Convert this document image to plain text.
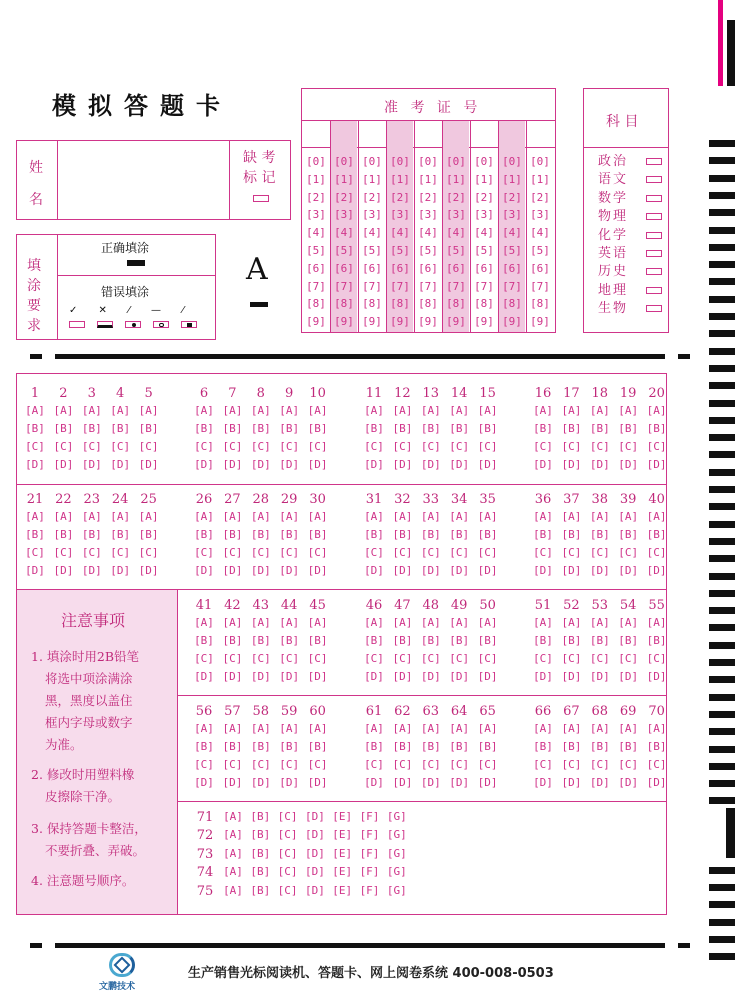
模拟答题卡
姓
名
缺 考
标 记
填
涂
要
求
正确填涂
错误填涂
✓ ✕ ⁄ — ⁄

A
准 考 证 号
[0]
[1]
[2]
[3]
[4]
[5]
[6]
[7]
[8]
[9]
[0]
[1]
[2]
[3]
[4]
[5]
[6]
[7]
[8]
[9]
[0]
[1]
[2]
[3]
[4]
[5]
[6]
[7]
[8]
[9]
[0]
[1]
[2]
[3]
[4]
[5]
[6]
[7]
[8]
[9]
[0]
[1]
[2]
[3]
[4]
[5]
[6]
[7]
[8]
[9]
[0]
[1]
[2]
[3]
[4]
[5]
[6]
[7]
[8]
[9]
[0]
[1]
[2]
[3]
[4]
[5]
[6]
[7]
[8]
[9]
[0]
[1]
[2]
[3]
[4]
[5]
[6]
[7]
[8]
[9]
[0]
[1]
[2]
[3]
[4]
[5]
[6]
[7]
[8]
[9]
科 目
政治
语文
数学
物理
化学
英语
历史
地理
生物
注意事项
1. 填涂时用2B铅笔
将选中项涂满涂
黑，黑度以盖住
框内字母或数字
为准。
2. 修改时用塑料橡
皮擦除干净。
3. 保持答题卡整洁，
不要折叠、弄破。
4. 注意题号顺序。
1
[A]
[B]
[C]
[D]
2
[A]
[B]
[C]
[D]
3
[A]
[B]
[C]
[D]
4
[A]
[B]
[C]
[D]
5
[A]
[B]
[C]
[D]
6
[A]
[B]
[C]
[D]
7
[A]
[B]
[C]
[D]
8
[A]
[B]
[C]
[D]
9
[A]
[B]
[C]
[D]
10
[A]
[B]
[C]
[D]
11
[A]
[B]
[C]
[D]
12
[A]
[B]
[C]
[D]
13
[A]
[B]
[C]
[D]
14
[A]
[B]
[C]
[D]
15
[A]
[B]
[C]
[D]
16
[A]
[B]
[C]
[D]
17
[A]
[B]
[C]
[D]
18
[A]
[B]
[C]
[D]
19
[A]
[B]
[C]
[D]
20
[A]
[B]
[C]
[D]
21
[A]
[B]
[C]
[D]
22
[A]
[B]
[C]
[D]
23
[A]
[B]
[C]
[D]
24
[A]
[B]
[C]
[D]
25
[A]
[B]
[C]
[D]
26
[A]
[B]
[C]
[D]
27
[A]
[B]
[C]
[D]
28
[A]
[B]
[C]
[D]
29
[A]
[B]
[C]
[D]
30
[A]
[B]
[C]
[D]
31
[A]
[B]
[C]
[D]
32
[A]
[B]
[C]
[D]
33
[A]
[B]
[C]
[D]
34
[A]
[B]
[C]
[D]
35
[A]
[B]
[C]
[D]
36
[A]
[B]
[C]
[D]
37
[A]
[B]
[C]
[D]
38
[A]
[B]
[C]
[D]
39
[A]
[B]
[C]
[D]
40
[A]
[B]
[C]
[D]
41
[A]
[B]
[C]
[D]
42
[A]
[B]
[C]
[D]
43
[A]
[B]
[C]
[D]
44
[A]
[B]
[C]
[D]
45
[A]
[B]
[C]
[D]
46
[A]
[B]
[C]
[D]
47
[A]
[B]
[C]
[D]
48
[A]
[B]
[C]
[D]
49
[A]
[B]
[C]
[D]
50
[A]
[B]
[C]
[D]
51
[A]
[B]
[C]
[D]
52
[A]
[B]
[C]
[D]
53
[A]
[B]
[C]
[D]
54
[A]
[B]
[C]
[D]
55
[A]
[B]
[C]
[D]
56
[A]
[B]
[C]
[D]
57
[A]
[B]
[C]
[D]
58
[A]
[B]
[C]
[D]
59
[A]
[B]
[C]
[D]
60
[A]
[B]
[C]
[D]
61
[A]
[B]
[C]
[D]
62
[A]
[B]
[C]
[D]
63
[A]
[B]
[C]
[D]
64
[A]
[B]
[C]
[D]
65
[A]
[B]
[C]
[D]
66
[A]
[B]
[C]
[D]
67
[A]
[B]
[C]
[D]
68
[A]
[B]
[C]
[D]
69
[A]
[B]
[C]
[D]
70
[A]
[B]
[C]
[D]
71 [A] [B] [C] [D] [E] [F] [G]
72 [A] [B] [C] [D] [E] [F] [G]
73 [A] [B] [C] [D] [E] [F] [G]
74 [A] [B] [C] [D] [E] [F] [G]
75 [A] [B] [C] [D] [E] [F] [G]
文鹏技术
生产销售光标阅读机、答题卡、网上阅卷系统 400-008-0503
